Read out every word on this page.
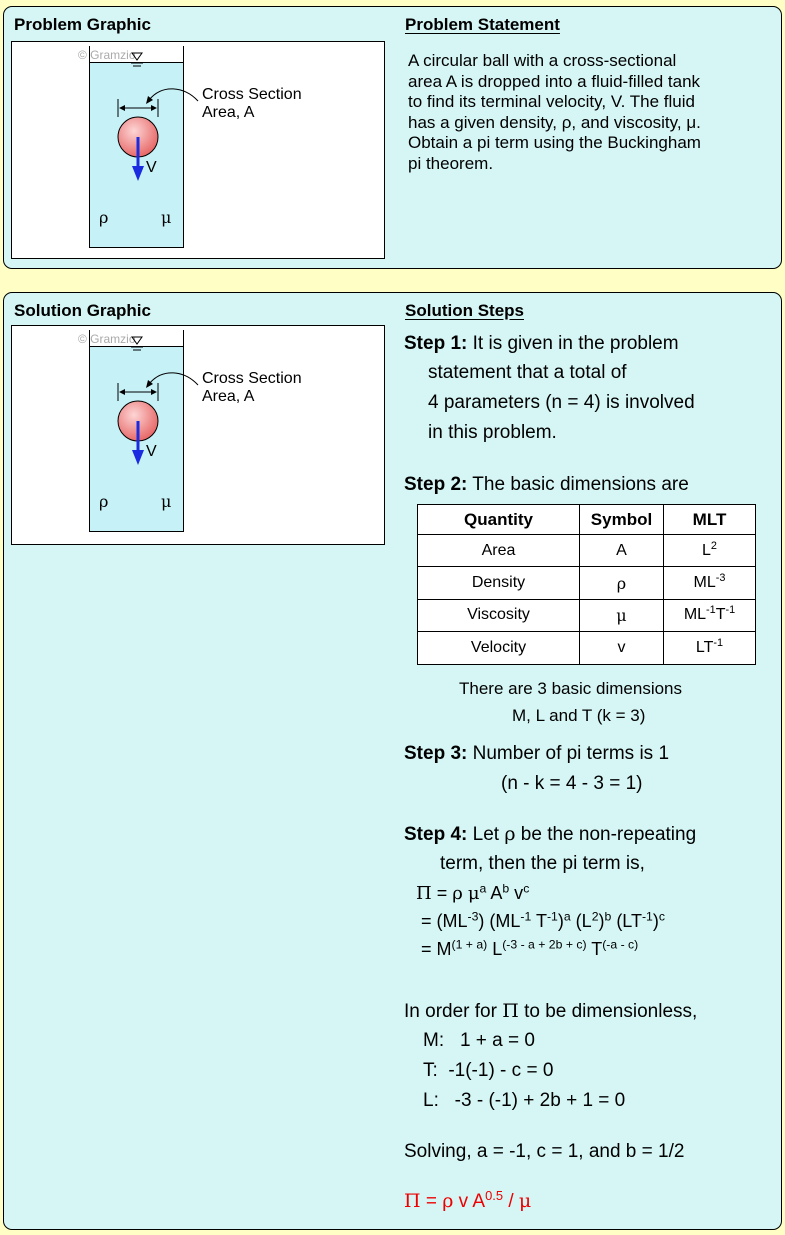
Problem Graphic	Problem Statement
© Gramzio
Cross Section
Area, A
V
ρ	μ
A circular ball with a cross-sectional
area A is dropped into a fluid-filled tank
to find its terminal velocity, V. The fluid
has a given density, ρ, and viscosity, μ.
Obtain a pi term using the Buckingham
pi theorem.
Solution Graphic	Solution Steps
© Gramzio
Cross Section
Area, A
V
ρ	μ
Step 1: It is given in the problem
statement that a total of
4 parameters (n = 4) is involved
in this problem.
Step 2: The basic dimensions are
Quantity	Symbol	MLT
Area	A	$L^2$
Density	ρ	$ML^{-3}$
Viscosity	μ	$ML^{-1}T^{-1}$
Velocity	v	$LT^{-1}$
There are 3 basic dimensions
M, L and T (k = 3)
Step 3: Number of pi terms is 1
(n - k = 4 - 3 = 1)
Step 4: Let ρ be the non-repeating
term, then the pi term is,
Π = ρ $\mu^a$ $A^b$ $v^c$
= $(ML^{-3})$ ($ML^{-1}$ $T^{-1})^a$ $(L^2)^b$ $(LT^{-1})^c$
= $M^{(1 + a)}$ $L^{(-3 - a + 2b + c)}$ $T^{(-a - c)}$
In order for Π to be dimensionless,
M:   1 + a = 0
T:  -1(-1) - c = 0
L:   -3 - (-1) + 2b + 1 = 0
Solving, a = -1, c = 1, and b = 1/2
Π = ρ v $A^{0.5}$ / μ
